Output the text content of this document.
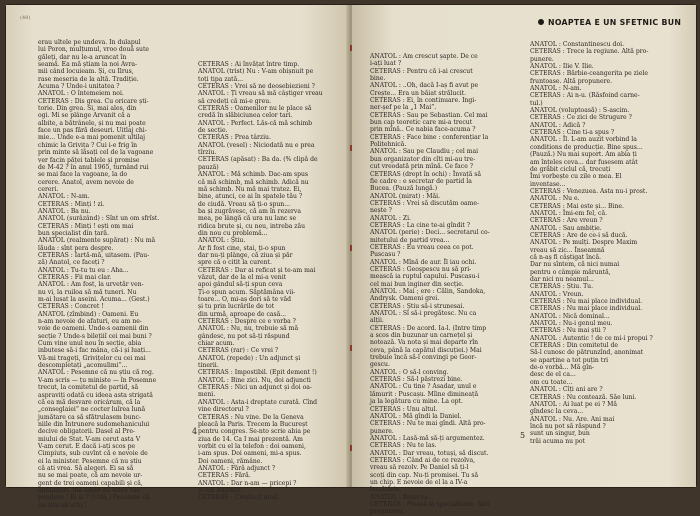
(48)
erau ultele pe undeva. In dulapul
lui Poron, mulțumul, vroo două sute
găleți, dar nu le-a aruncat în
seamă. Ea mă știam la noi Avra-
mii când locuieam. Și, cu Ilrus,
rase meseria de la altă. Tradiție.
Acuma ? Unde-i unitatea ?
ANATOL : O întemeiem noi.
CETERAS : Dis grea. Cu oricare ști-
torie. Din grea. Si, mai ales, din
ogi. Mi se plânge Arvanit că a
albite, a bătrânele, și nu mai poate
face un pas fără deseuri. Uitlaj chi-
mie... Unde e-a mai pomenit ultilaj
chimic la Grivița ? Cui i-e frig în
prin minte să lăsați cel de la vagoane
ver facin păței tablele și promise
de M-42 ? în anul 1965, turnând rui
se mai face la vagoane, la do
cerere. Anatol, avem nevoie de
cereri.
ANATOL : N-am.
CETERAS : Minți ! zi.
ANATOL : Ba nu.
ANATOL (surâzând) : Sînt un om sfrîst.
CETERAS : Minți ! ești om mai
bun specialist din țară.
ANATOL (realmente supărat) : Nu mă
lăuda : sînt pera despre.
CETERAS : Iartă-mă, uitasem. (Pau-
ză) Anatol, ce faceți ?
ANATOL : Tu-tu tu eu : Aha...
CETERAS : Fii mai clar.
ANATOL : Am fost, la urvetăr ven-
nu vi, la ruiloa să mă tuneri. Nu
m-ai lusat la aseini. Acuma... (Gest.)
CETERAS : Concret !
ANATOL (zîmbind) : Oameni. Eu
n-am nevoie de afaturi, eu am ne-
voie de oameni. Unde-s oamenii din
secție ? Unde-s bilețiiî cei mai buni ?
Cum vine unul nou în secție, abia
inbutese să-i fac mâna, că-i și luați...
Vă-mi trageți, Grivițelor cu cei mai
descompletați „acomulimi”...
ANATOL : Pesemne că nu știu că rog.
V-am scris — țu ministe — în Posemne
trecut, la comitetul de partid, să
aspraviți odată cu ideea asta strigată
că ea mă desvare oricárum, că la
„conseglaiei” ne cocter luîrea lună
jumătare ca să sfătrulasem bunc-
niile din Întrunere sudomehanicului
decive obligatorii. Dasel al Pre-
miului de Stat. V-am cerut asta V
V-am cerut. E dacă i-ați scos pe
Cimpiuts, sub cuvînt că e nevoie de
ei la minister. Pesemne că nu știu
că ati vrea. Să alegeri. Ei sa să
nu se mai poate, că am nevoie ur-
gent de trei oameni capabili și că,
altminteri, mă lepăd de orice răs-
pundere ! Ei și ? (Urlă.) Pesemne că
nu știu să urlu !
CETERAS : Ai învățat între timp.
ANATOL (trist) Nu : V-am obișnuit pe
toți tipa zată...
CETERAS : Vrei să ne deosebiezieni ?
ANATOL : Ți vreau să mă câștiger vreau
să credeți că mi-e greu.
CETERAS : Oamenilor nu le place să
credă în slăbiciunea celor tari.
ANATOL : Perfect. Lăs-că mă schimb
de secție.
CETERAS : Prea târziu.
ANATOL (vesel) : Niciodată nu e prea
tîrziu.
CETERAS (apăsat) : Ba da. (% clipă de
pauză)
ANATOL : Mă schimb. Dac-am spus
că mă schimb, mă schimb. Adică nu
mă schimb. Nu mă mai tratez. Ei,
bine, atunci, ce ai în spatele tău ?
de ciudă. Vreau să ți-o spun...
ba și zugrăvesc, că am în rezerva
mea, pe lângă că ura nu lanc se
ridica brute și, cu neu, intreba zău
din nou cu problemă...
ANATOL : Știu.
Ar fi fost cine, stai, ți-o spun
dar nu-ți plânge, că ziua și păr
spre că o citit la curent.
CETERAS : Dar ai reficat și te-am mai
văzut, dar de la el mi-a venit
apoi gândul să-ți spun ceva
Ți-o spun acum. Săptămâna vii-
toare... O, mi-aș dori să te văd
și tu prin lucrările de tot
din urmă, aproape de casă...
CETERAS : Despre ce e vorba ?
ANATOL : Nu, nu, trebuie să mă
gândesc, nu pot să-ți răspund
chiar acum.
CETERAS (rar) : Ce vrei ?
ANATOL (repede) : Un adjunct și
tinerii.
CETERAS : Impostibil. (Epit dement !)
ANATOL : Bine zici. Nu, doi adjuncti
CETERAS : Nici un adjunct și doi oa-
meni.
ANATOL : Asta-i dreptate curată. Cînd
vine directorul ?
CETERAS : Nu vine. De la Geneva
pleacă la Paris. Trecem la Bucureșt
pentru congres. Se-nto scrie abia pe
ziua de 14. Ca I mai prezentă. Am
vorbit cu el la telefon : doi oameni,
i-am spus. Doi oameni, mi-a spus.
Doi oameni, rămâne.
ANATOL : Fără adjunct ?
CETERAS : Fără.
ANATOL : Dar n-am — pricepi ?
N-am adjunct.
CETERAS : Crește-ți unul.
4
NOAPTEA E UN SFETNIC BUN
ANATOL : Am crescut șapte. De ce
i-ați luat ?
CETERAS : Pentru că i-ai crescut
bine.
ANATOL : ..Oh, dacă I-aș fi avut pe
Crește... Era un băiat strălucit.
CETERAS : Ei, în continuare. Ingi-
ner-șef pe la „1 Mai”.
CETERAS : Sau pe Sebastian. Cel mai
bun cap teoretic care mi-a trecut
prin mînă.. Ce nabia face-acuma ?
CETERAS : Face bine : conferențiar la
Politehnică.
ANATOL : Sau pe Claudiu ; cel mai
bun organizator din cîti mi-au tre-
cut vreodată prin mînă. Ce face ?
CETERAS (drept în ochi) : Învață să
fie cadre : e secretar de partid la
Bucea. (Pauză lungă.)
ANATOL (mirat) : Măi.
CETERAS : Vrei să discutăm oame-
nește ?
ANATOL : Zi.
CETERAS : La cine te-ai gîndit ?
ANATOL (perie) : Deci... secretarul co-
mitetului de partid vrea...
CETERAS : Eu vreau ceea ce pot.
Puscasu ?
ANATOL : Mînă de aur. Îl iau ochi.
CETERAS : Geoșpescu nu să pri-
mească ia ruptul capului. Puscasu-i
cel mai bun inginer din secție.
ANATOL : Mai ; ere : Călin, Sandoka,
Andrysk. Oameni grei.
CETERAS : Știu să-i strunesai.
ANATOL : Sî să-i pregătesc. Nu ca
alții.
CETERAS : De acord. Ia-l. (Intre timp
a scos din buzunar un carnețel și
notează. Va nota și mai departe rîn
ceva, până la capătul discuției.) Mai
trebuie încă să-l convingi pe Geor-
gescu.
ANATOL : O să-l conving.
CETERAS : Să-l păstrezi bine.
ANATOL : Cu tine ? Asadar, unul e
lămurit : Puscașu. Mîine dimineață
ja la legătura cu mine. La opt.
CETERAS : Unu altul.
ANATOL : Mă gîndi la Daniel.
CETERAS : Nu te mai gîndi. Altă pro-
punere.
ANATOL : Lasă-mă să-ți argumentez.
CETERAS : Nu te las.
ANATOL : Dar vreau, totuși, să discut.
CETERAS : Când ai de ce rezolva,
vreau să rezolv. Pe Daniel să ți-l
scoți din cap. Nu-ți promisei. Tu să
un chip. E nevoie de el la a IV-a
bucătărie.
ANATOL : Rezerva.
CETERAS : Pleacă la specializare. Altă
propunere.
ANATOL : Constantinescu doi.
CETERAS : Trece la regiune. Altă pro-
punere.
ANATOL : Ilie V. Ilie.
CETERAS : Bărbie-ceangerita pe ziele
fruntoase. Altă propunere.
ANATOL : N-am.
CETERAS : Ai n-u. (Răsfoind carne-
tul.)
ANATOL (voluptoasă) : S-ascim.
CETERAS : Ce zici de Strugure ?
ANATOL : Adică ?
CETERAS : Cine ti-a spus ?
ANATOL : Îl. L-am auzit vorbind la
conditions de producție. Bine spus...
(Pauză.) Nu mai suport. Am abia ți
am înțeles ceva... dar fusesem atât
de grăbit ciclul că, trecuți
Îmi vorbește cu zile o mea. El
inventase...
CETERAS : Venezuea. Asta nu-i prost.
ANATOL : Nu e.
CETERAS : Mai este și... Bine.
ANATOL : Îmi-em fel, că.
CETERAS : Are vreun ?
ANATOL : Sau ambiție.
CETERAS : Are de ce-i să ducă.
ANATOL : Pe mulți. Despre Maxim
vreau să zic... Înseamnă
că n-aș fi câștigat încă.
Dar nu sîntem, că nici numai
pentru o câmpie măruntă,
dar nici nu neamul...
CETERAS : Știu. Tu.
ANATOL : Vreun.
CETERAS : Nu mai place individual.
CETERAS : Nu mai place individual.
ANATOL : Nică dominal...
ANATOL : Nu-i genul meu.
CETERAS : Nu mai știi ?
ANATOL : Autentic ! de ce mi-i propui ?
CETERAS : Din comitetul de
Să-l cunosc de pătrunzînd, anonimat
se aparține a tot puțin tri
de-o vorbă... Mă gîn-
desc de el ca...
om cu toate...
ANATOL : Cîți ani are ?
CETERAS : Nu contează. Săe luni.
ANATOL : Ai luat pe ei ? Mă
gîndesc la ceva...
ANATOL : Nu. Are. Ani mai
încă nu pot să răspund ?
sunt un singur, bun
trăi acuma nu pot
5
